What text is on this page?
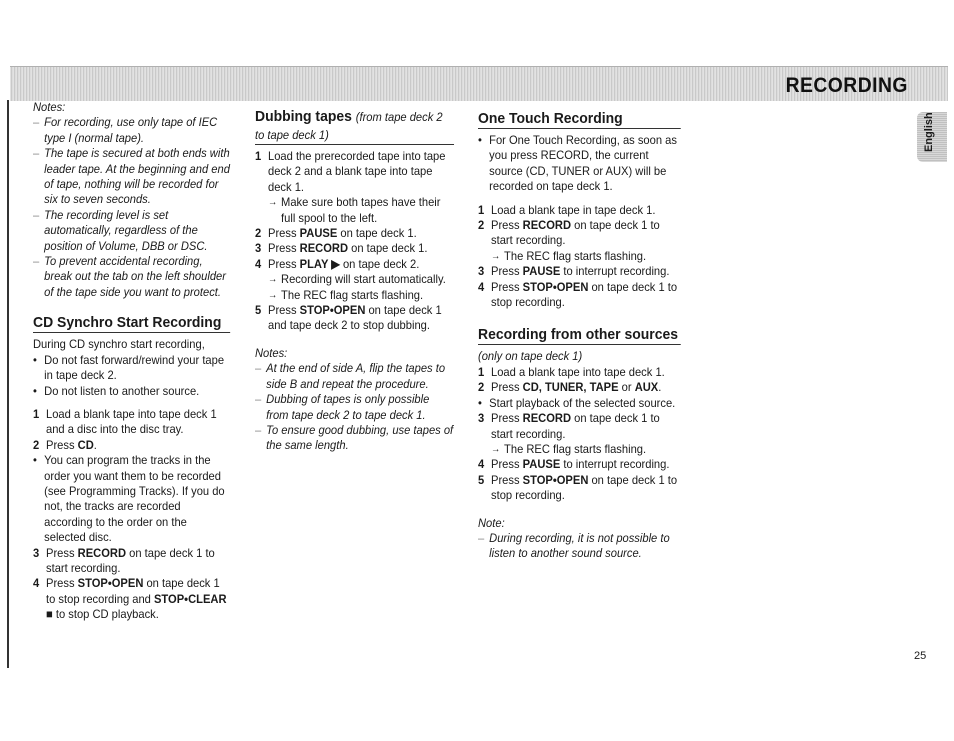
RECORDING
English

Notes:

– For recording, use only tape of IEC type I (normal tape).

– The tape is secured at both ends with leader tape. At the beginning and end of tape, nothing will be recorded for six to seven seconds.

– The recording level is set automatically, regardless of the position of Volume, DBB or DSC.

– To prevent accidental recording, break out the tab on the left shoulder of the tape side you want to protect.

CD Synchro Start Recording

During CD synchro start recording,

• Do not fast forward/rewind your tape in tape deck 2.

• Do not listen to another source.

1 Load a blank tape into tape deck 1 and a disc into the disc tray.

2 Press CD.

• You can program the tracks in the order you want them to be recorded (see Programming Tracks). If you do not, the tracks are recorded according to the order on the selected disc.

3 Press RECORD on tape deck 1 to start recording.

4 Press STOP•OPEN on tape deck 1 to stop recording and STOP•CLEAR ■ to stop CD playback.

Dubbing tapes (from tape deck 2 to tape deck 1)

1 Load the prerecorded tape into tape deck 2 and a blank tape into tape deck 1.

→ Make sure both tapes have their full spool to the left.

2 Press PAUSE on tape deck 1.

3 Press RECORD on tape deck 1.

4 Press PLAY ▶ on tape deck 2.

→ Recording will start automatically.

→ The REC flag starts flashing.

5 Press STOP•OPEN on tape deck 1 and tape deck 2 to stop dubbing.

Notes:

– At the end of side A, flip the tapes to side B and repeat the procedure.

– Dubbing of tapes is only possible from tape deck 2 to tape deck 1.

– To ensure good dubbing, use tapes of the same length.

One Touch Recording

• For One Touch Recording, as soon as you press RECORD, the current source (CD, TUNER or AUX) will be recorded on tape deck 1.

1 Load a blank tape in tape deck 1.

2 Press RECORD on tape deck 1 to start recording.

→ The REC flag starts flashing.

3 Press PAUSE to interrupt recording.

4 Press STOP•OPEN on tape deck 1 to stop recording.

Recording from other sources

(only on tape deck 1)

1 Load a blank tape into tape deck 1.

2 Press CD, TUNER, TAPE or AUX.

• Start playback of the selected source.

3 Press RECORD on tape deck 1 to start recording.

→ The REC flag starts flashing.

4 Press PAUSE to interrupt recording.

5 Press STOP•OPEN on tape deck 1 to stop recording.

Note:

– During recording, it is not possible to listen to another sound source.

25
